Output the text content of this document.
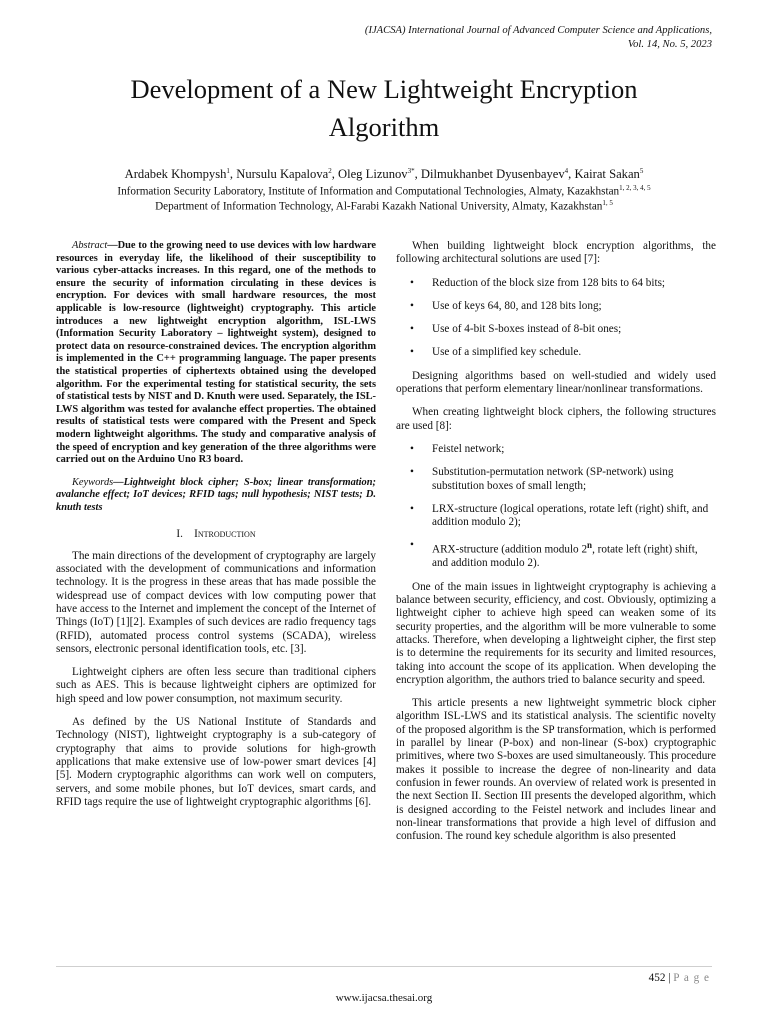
(IJACSA) International Journal of Advanced Computer Science and Applications,
Vol. 14, No. 5, 2023
Development of a New Lightweight Encryption
Algorithm
Ardabek Khompysh$^1$, Nursulu Kapalova$^2$, Oleg Lizunov$^{3*}$, Dilmukhanbet Dyusenbayev$^4$, Kairat Sakan$^5$
Information Security Laboratory, Institute of Information and Computational Technologies, Almaty, Kazakhstan$^{1, 2, 3, 4, 5}$
Department of Information Technology, Al-Farabi Kazakh National University, Almaty, Kazakhstan$^{1, 5}$

Abstract—Due to the growing need to use devices with low hardware resources in everyday life, the likelihood of their susceptibility to various cyber-attacks increases. In this regard, one of the methods to ensure the security of information circulating in these devices is encryption. For devices with small hardware resources, the most applicable is low-resource (lightweight) cryptography. This article introduces a new lightweight encryption algorithm, ISL-LWS (Information Security Laboratory – lightweight system), designed to protect data on resource-constrained devices. The encryption algorithm is implemented in the C++ programming language. The paper presents the statistical properties of ciphertexts obtained using the developed algorithm. For the experimental testing for statistical security, the sets of statistical tests by NIST and D. Knuth were used. Separately, the ISL-LWS algorithm was tested for avalanche effect properties. The obtained results of statistical tests were compared with the Present and Speck modern lightweight algorithms. The study and comparative analysis of the speed of encryption and key generation of the three algorithms were carried out on the Arduino Uno R3 board.

Keywords—Lightweight block cipher; S-box; linear transformation; avalanche effect; IoT devices; RFID tags; null hypothesis; NIST tests; D. knuth tests

I. Introduction

The main directions of the development of cryptography are largely associated with the development of communications and information technology. It is the progress in these areas that has made possible the widespread use of compact devices with low computing power that have access to the Internet and implement the concept of the Internet of Things (IoT) [1][2]. Examples of such devices are radio frequency tags (RFID), automated process control systems (SCADA), wireless sensors, electronic personal identification tools, etc. [3].

Lightweight ciphers are often less secure than traditional ciphers such as AES. This is because lightweight ciphers are optimized for high speed and low power consumption, not maximum security.

As defined by the US National Institute of Standards and Technology (NIST), lightweight cryptography is a sub-category of cryptography that aims to provide solutions for high-growth applications that make extensive use of low-power smart devices [4][5]. Modern cryptographic algorithms can work well on computers, servers, and some mobile phones, but IoT devices, smart cards, and RFID tags require the use of lightweight cryptographic algorithms [6].

When building lightweight block encryption algorithms, the following architectural solutions are used [7]:

• Reduction of the block size from 128 bits to 64 bits;
• Use of keys 64, 80, and 128 bits long;
• Use of 4-bit S-boxes instead of 8-bit ones;
• Use of a simplified key schedule.

Designing algorithms based on well-studied and widely used operations that perform elementary linear/nonlinear transformations.

When creating lightweight block ciphers, the following structures are used [8]:

• Feistel network;
• Substitution-permutation network (SP-network) using substitution boxes of small length;
• LRX-structure (logical operations, rotate left (right) shift, and addition modulo 2);
• ARX-structure (addition modulo 2$^n$, rotate left (right) shift, and addition modulo 2).

One of the main issues in lightweight cryptography is achieving a balance between security, efficiency, and cost. Obviously, optimizing a lightweight cipher to achieve high speed can weaken some of its security properties, and the algorithm will be more vulnerable to some attacks. Therefore, when developing a lightweight cipher, the first step is to determine the requirements for its security and limited resources, taking into account the scope of its application. When developing the encryption algorithm, the authors tried to balance security and speed.

This article presents a new lightweight symmetric block cipher algorithm ISL-LWS and its statistical analysis. The scientific novelty of the proposed algorithm is the SP transformation, which is performed in parallel by linear (P-box) and non-linear (S-box) cryptographic primitives, where two S-boxes are used simultaneously. This procedure makes it possible to increase the degree of non-linearity and data confusion in fewer rounds. An overview of related work is presented in the next Section II. Section III presents the developed algorithm, which is designed according to the Feistel network and includes linear and non-linear transformations that provide a high level of diffusion and confusion. The round key schedule algorithm is also presented

452 | P a g e
www.ijacsa.thesai.org
